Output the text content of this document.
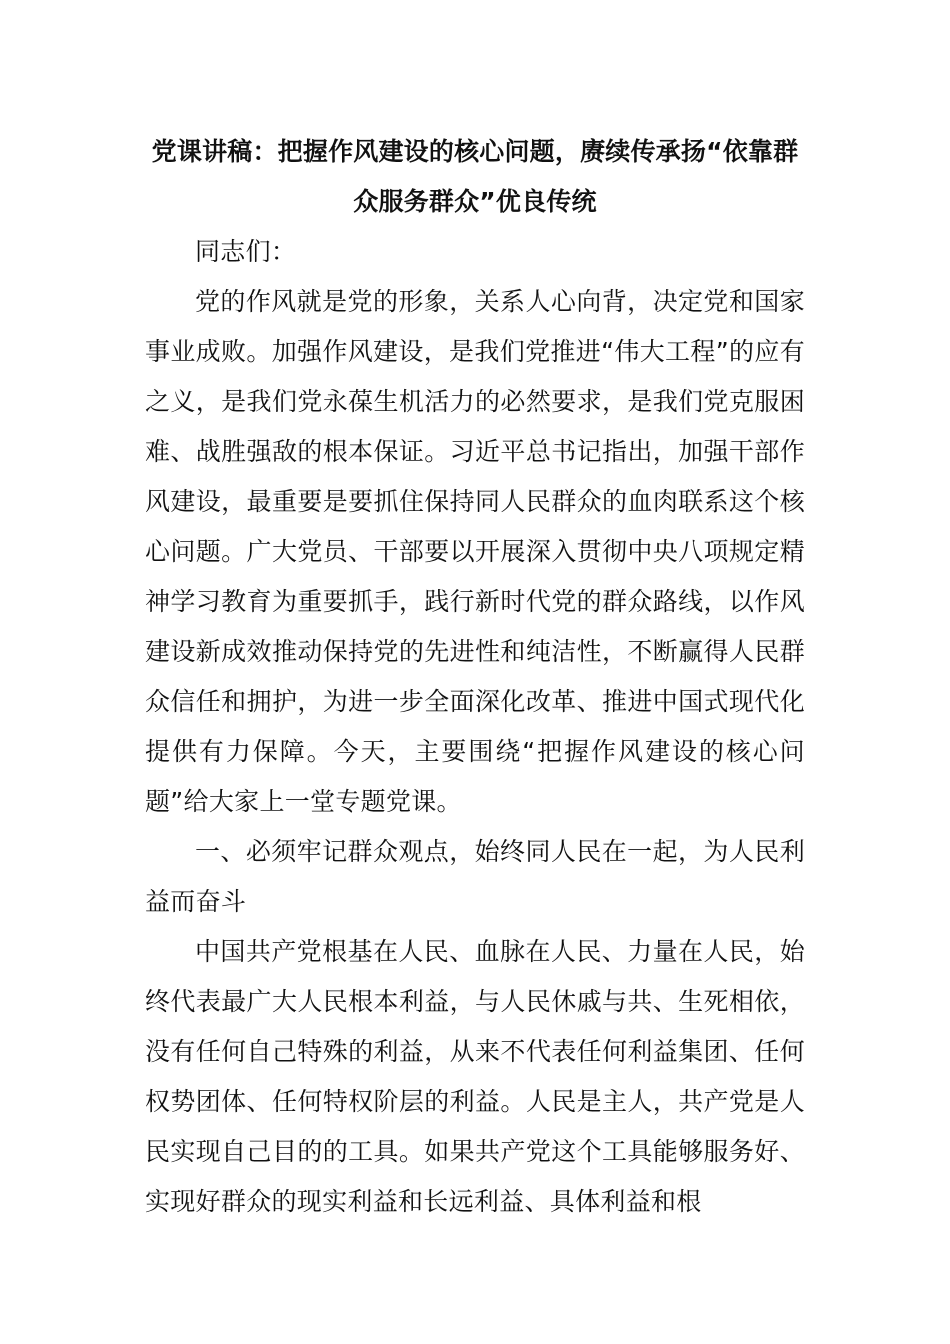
党课讲稿：把握作风建设的核心问题，赓续传承扬“依靠群众服务群众”优良传统

同志们：

党的作风就是党的形象，关系人心向背，决定党和国家事业成败。加强作风建设，是我们党推进“伟大工程”的应有之义，是我们党永葆生机活力的必然要求，是我们党克服困难、战胜强敌的根本保证。习近平总书记指出，加强干部作风建设，最重要是要抓住保持同人民群众的血肉联系这个核心问题。广大党员、干部要以开展深入贯彻中央八项规定精神学习教育为重要抓手，践行新时代党的群众路线，以作风建设新成效推动保持党的先进性和纯洁性，不断赢得人民群众信任和拥护，为进一步全面深化改革、推进中国式现代化提供有力保障。今天，主要围绕“把握作风建设的核心问题”给大家上一堂专题党课。

一、必须牢记群众观点，始终同人民在一起，为人民利益而奋斗

中国共产党根基在人民、血脉在人民、力量在人民，始终代表最广大人民根本利益，与人民休戚与共、生死相依，没有任何自己特殊的利益，从来不代表任何利益集团、任何权势团体、任何特权阶层的利益。人民是主人，共产党是人民实现自己目的的工具。如果共产党这个工具能够服务好、实现好群众的现实利益和长远利益、具体利益和根
